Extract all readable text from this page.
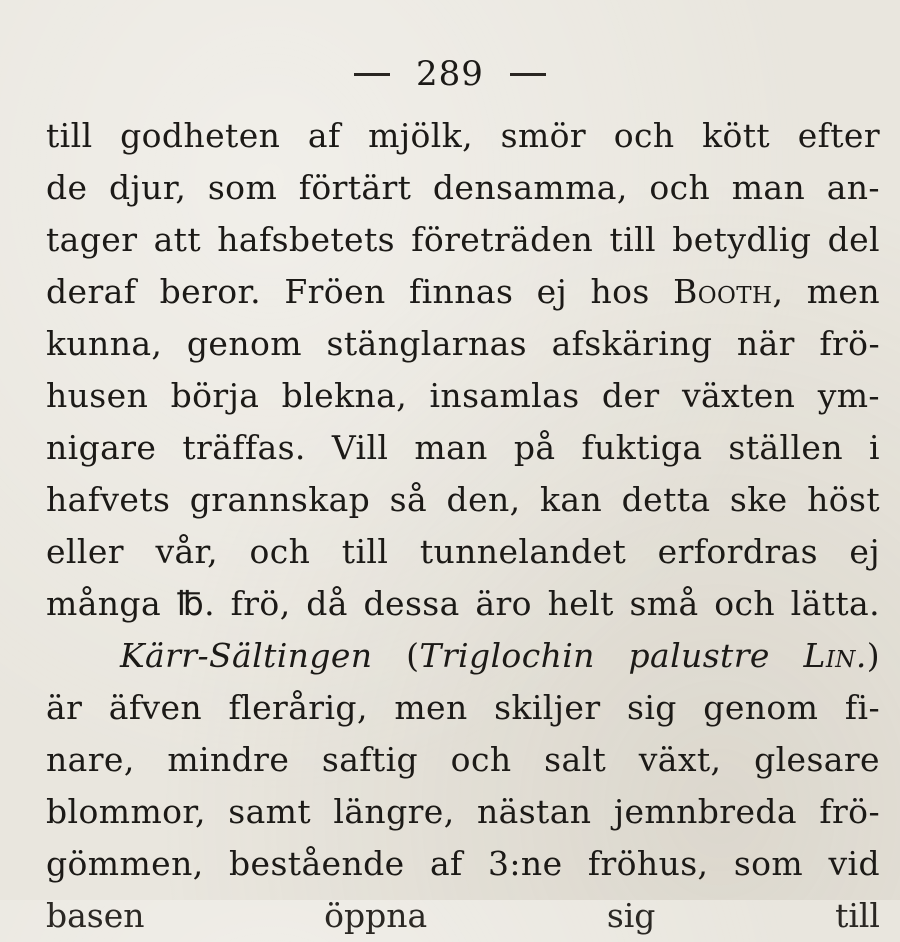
289
till godheten af mjölk, smör och kött efter
de djur, som förtärt densamma, och man an-
tager att hafsbetets företräden till betydlig del
deraf beror. Fröen finnas ej hos Booth, men
kunna, genom stänglarnas afskäring när frö-
husen börja blekna, insamlas der växten ym-
nigare träffas. Vill man på fuktiga ställen i
hafvets grannskap så den, kan detta ske höst
eller vår, och till tunnelandet erfordras ej
många ℔. frö, då dessa äro helt små och lätta.
Kärr-Sältingen (Triglochin palustre Lin.)
är äfven flerårig, men skiljer sig genom fi-
nare, mindre saftig och salt växt, glesare
blommor, samt längre, nästan jemnbreda frö-
gömmen, bestående af 3:ne fröhus, som vid
basen öppna sig till
